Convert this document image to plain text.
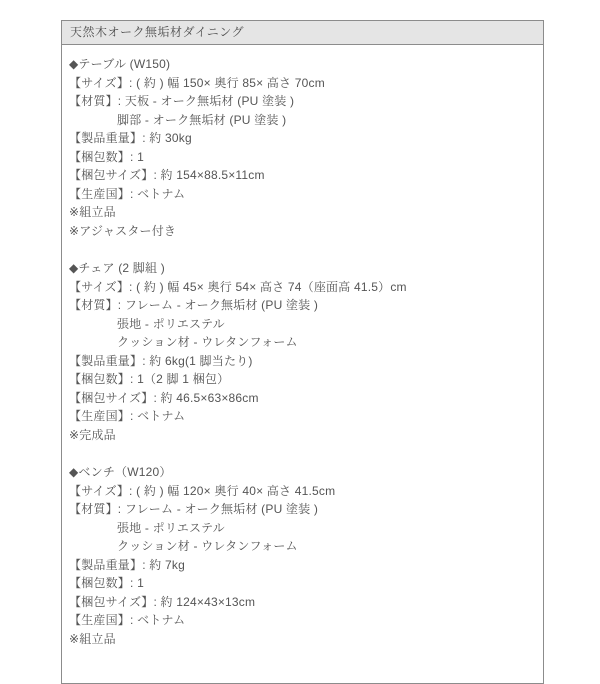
天然木オーク無垢材ダイニング
◆テーブル (W150)
【サイズ】: ( 約 ) 幅 150× 奥行 85× 高さ 70cm
【材質】: 天板 - オーク無垢材 (PU 塗装 )
脚部 - オーク無垢材 (PU 塗装 )
【製品重量】: 約 30kg
【梱包数】: 1
【梱包サイズ】: 約 154×88.5×11cm
【生産国】: ベトナム
※組立品
※アジャスター付き
◆チェア (2 脚組 )
【サイズ】: ( 約 ) 幅 45× 奥行 54× 高さ 74（座面高 41.5）cm
【材質】: フレーム - オーク無垢材 (PU 塗装 )
張地 - ポリエステル
クッション材 - ウレタンフォーム
【製品重量】: 約 6kg(1 脚当たり)
【梱包数】: 1（2 脚 1 梱包）
【梱包サイズ】: 約 46.5×63×86cm
【生産国】: ベトナム
※完成品
◆ベンチ（W120）
【サイズ】: ( 約 ) 幅 120× 奥行 40× 高さ 41.5cm
【材質】: フレーム - オーク無垢材 (PU 塗装 )
張地 - ポリエステル
クッション材 - ウレタンフォーム
【製品重量】: 約 7kg
【梱包数】: 1
【梱包サイズ】: 約 124×43×13cm
【生産国】: ベトナム
※組立品
